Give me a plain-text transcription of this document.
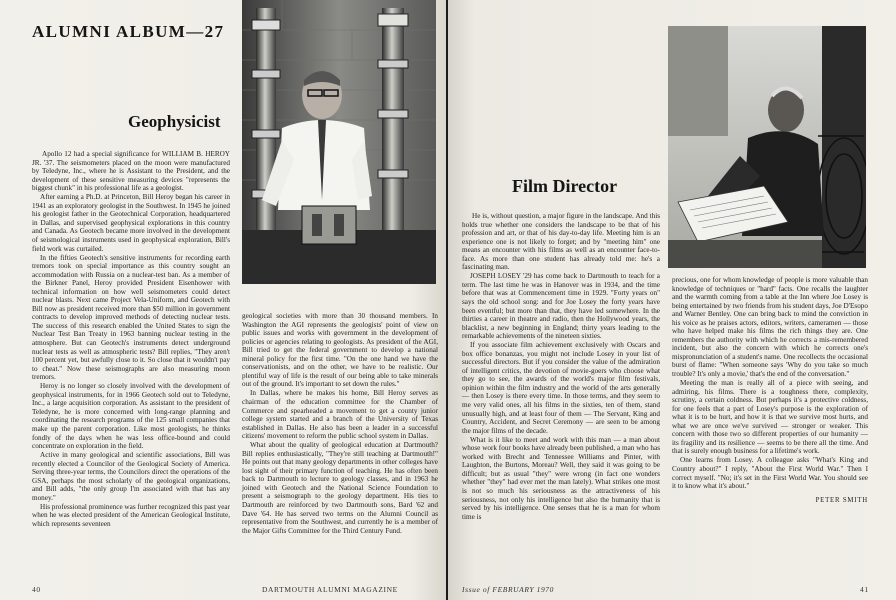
ALUMNI ALBUM—27
Geophysicist

Apollo 12 had a special significance for WILLIAM B. HEROY JR. '37. The seismometers placed on the moon were manufactured by Teledyne, Inc., where he is Assistant to the President, and the development of these sensitive measuring devices "represents the biggest chunk" in his professional life as a geologist.

After earning a Ph.D. at Princeton, Bill Heroy began his career in 1941 as an exploratory geologist in the Southwest. In 1945 he joined his geologist father in the Geotechnical Corporation, headquartered in Dallas, and supervised geophysical explorations in this country and Canada. As Geotech became more involved in the development of seismological instruments used in geophysical exploration, Bill's field work was curtailed.

In the fifties Geotech's sensitive instruments for recording earth tremors took on special importance as this country sought an accommodation with Russia on a nuclear-test ban. As a member of the Birkner Panel, Heroy provided President Eisenhower with technical information on how well seismometers could detect nuclear blasts. Next came Project Vela-Uniform, and Geotech with Bill now as president received more than $50 million in government contracts to develop improved methods of detecting nuclear tests. The success of this research enabled the United States to sign the Nuclear Test Ban Treaty in 1963 banning nuclear testing in the atmosphere. But can Geotech's instruments detect underground nuclear tests as well as atmospheric tests? Bill replies, "They aren't 100 percent yet, but awfully close to it. So close that it wouldn't pay to cheat." Now these seismographs are also measuring moon tremors.

Heroy is no longer so closely involved with the development of geophysical instruments, for in 1966 Geotech sold out to Teledyne, Inc., a large acquisition corporation. As assistant to the president of Teledyne, he is more concerned with long-range planning and coordinating the research programs of the 125 small companies that make up the parent corporation. Like most geologists, he thinks fondly of the days when he was less office-bound and could concentrate on exploration in the field.

Active in many geological and scientific associations, Bill was recently elected a Councilor of the Geological Society of America. Serving three-year terms, the Councilors direct the operations of the GSA, perhaps the most scholarly of the geological organizations, and Bill adds, "the only group I'm associated with that has any money."

His professional prominence was further recognized this past year when he was elected president of the American Geological Institute, which represents seventeen

geological societies with more than 30 thousand members. In Washington the AGI represents the geologists' point of view on public issues and works with government in the development of policies or agencies relating to geologists. As president of the AGI, Bill tried to get the federal government to develop a national mineral policy for the first time. "On the one hand we have the conservationists, and on the other, we have to be realistic. Our plentiful way of life is the result of our being able to take minerals out of the ground. It's important to set down the rules."

In Dallas, where he makes his home, Bill Heroy serves as chairman of the education committee for the Chamber of Commerce and spearheaded a movement to get a county junior college system started and a branch of the University of Texas established in Dallas. He also has been a leader in a successful citizens' movement to reform the public school system in Dallas.

What about the quality of geological education at Dartmouth? Bill replies enthusiastically, "They're still teaching at Dartmouth!" He points out that many geology departments in other colleges have lost sight of their primary function of teaching. He has often been back to Dartmouth to lecture to geology classes, and in 1963 he joined with Geotech and the National Science Foundation to present a seismograph to the geology department. His ties to Dartmouth are reinforced by two Dartmouth sons, Bard '62 and Dave '64. He has served two terms on the Alumni Council as representative from the Southwest, and currently he is a member of the Major Gifts Committee for the Third Century Fund.

40	DARTMOUTH ALUMNI MAGAZINE
Film Director

He is, without question, a major figure in the landscape. And this holds true whether one considers the landscape to be that of his profession and art, or that of his day-to-day life. Meeting him is an experience one is not likely to forget; and by "meeting him" one means an encounter with his films as well as an encounter face-to-face. As more than one student has already told me: he's a fascinating man.

JOSEPH LOSEY '29 has come back to Dartmouth to teach for a term. The last time he was in Hanover was in 1934, and the time before that was at Commencement time in 1929. "Forty years on" says the old school song: and for Joe Losey the forty years have been eventful; but more than that, they have led somewhere. In the thirties a career in theatre and radio, then the Hollywood years, the blacklist, a new beginning in England; thirty years leading to the remarkable achievements of the nineteen sixties.

If you associate film achievement exclusively with Oscars and box office bonanzas, you might not include Losey in your list of successful directors. But if you consider the value of the admiration of intelligent critics, the devotion of movie-goers who choose what they go to see, the awards of the world's major film festivals, opinion within the film industry and the world of the arts generally — then Losey is there every time. In those terms, and they seem to me very valid ones, all his films in the sixties, ten of them, stand unusually high, and at least four of them — The Servant, King and Country, Accident, and Secret Ceremony — are seen to be among the major films of the decade.

What is it like to meet and work with this man — a man about whose work four books have already been published, a man who has worked with Brecht and Tennessee Williams and Pinter, with Laughton, the Burtons, Moreau? Well, they said it was going to be difficult; but as usual "they" were wrong (in fact one wonders whether "they" had ever met the man lately). What strikes one most is not so much his seriousness as the attractiveness of his seriousness, not only his intelligence but also the humanity that is served by his intelligence. One senses that he is a man for whom time is

precious, one for whom knowledge of people is more valuable than knowledge of techniques or "hard" facts. One recalls the laughter and the warmth coming from a table at the Inn where Joe Losey is being entertained by two friends from his student days, Joe D'Esopo and Warner Bentley. One can bring back to mind the conviction in his voice as he praises actors, editors, writers, cameramen — those who have helped make his films the rich things they are. One remembers the authority with which he corrects a mis-remembered incident, but also the concern with which he corrects one's mispronunciation of a student's name. One recollects the occasional burst of flame: "When someone says 'Why do you take so much trouble? It's only a movie,' that's the end of the conversation."

Meeting the man is really all of a piece with seeing, and admiring, his films. There is a toughness there, complexity, scrutiny, a certain coldness. But perhaps it's a protective coldness, for one feels that a part of Losey's purpose is the exploration of what it is to be hurt, and how it is that we survive most hurts, and what we are once we've survived — stronger or weaker. This concern with those two so different properties of our humanity — its fragility and its resilience — seems to be there all the time. And that is surely enough business for a lifetime's work.

One learns from Losey. A colleague asks "What's King and Country about?" I reply, "About the First World War." Then I correct myself. "No; it's set in the First World War. You should see it to know what it's about."

PETER SMITH
Issue of FEBRUARY 1970	41
